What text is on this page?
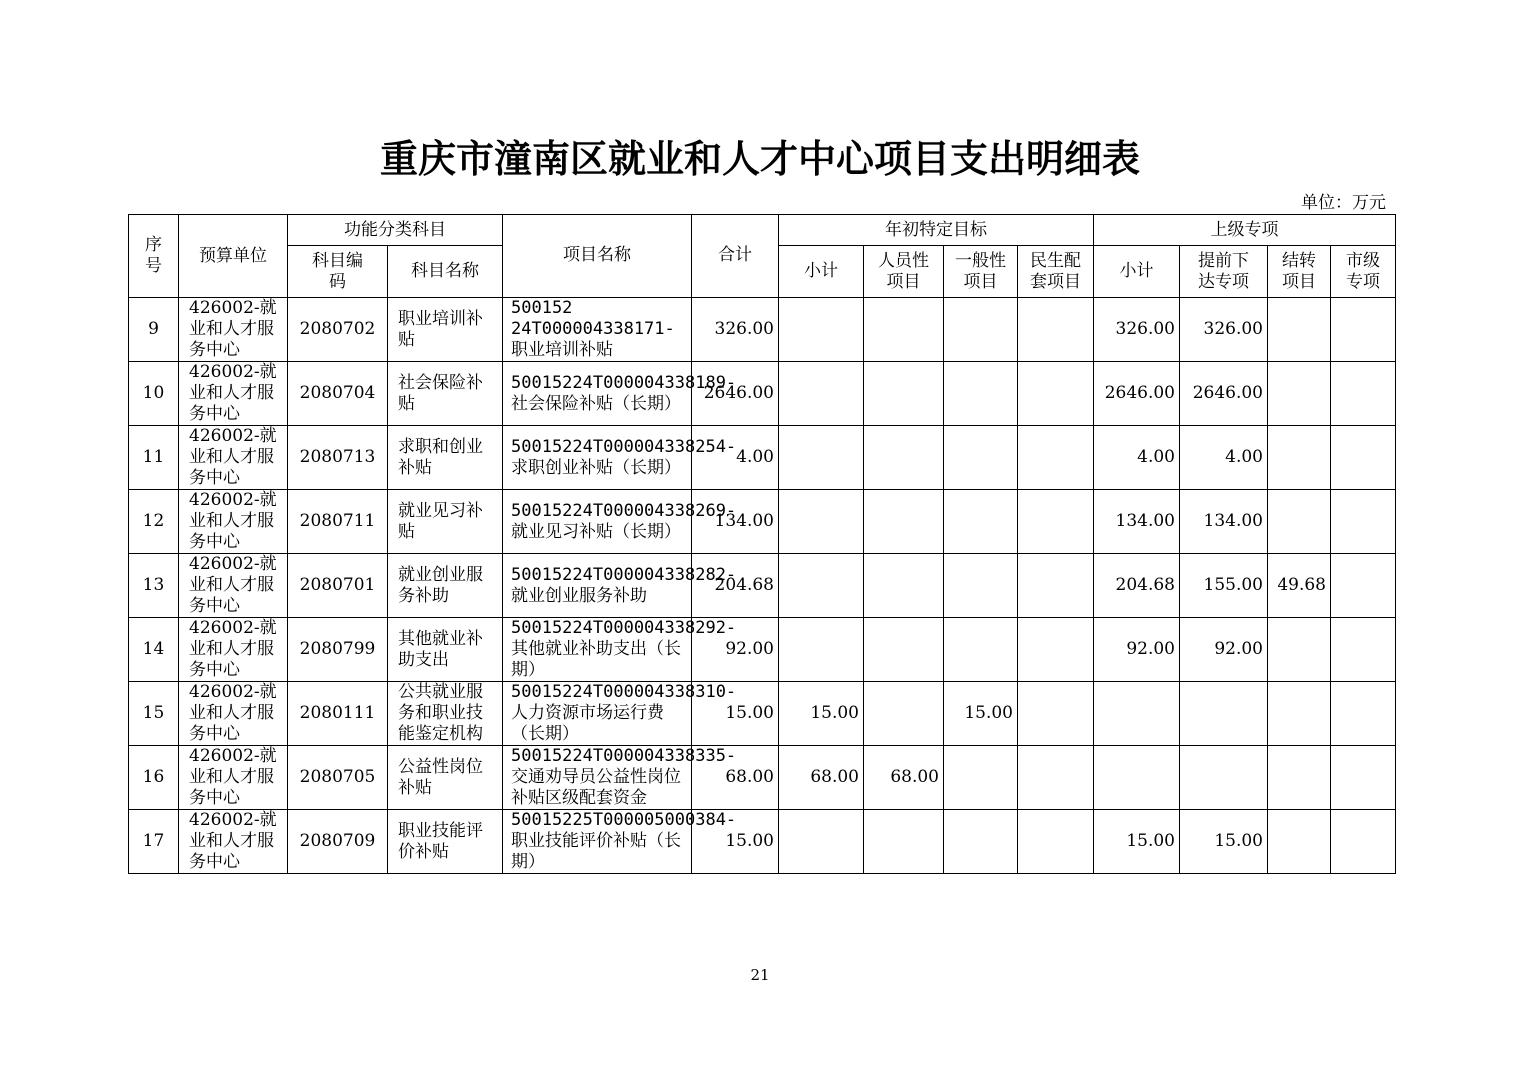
重庆市潼南区就业和人才中心项目支出明细表
单位：万元
序号	预算单位	功能分类科目		项目名称	合计	年初特定目标				上级专项			
		科目编码	科目名称			小计	人员性项目	一般性项目	民生配套项目	小计	提前下达专项	结转项目	市级专项
9	426002-就业和人才服务中心	2080702	职业培训补贴	500152 24T000004338171-职业培训补贴	326.00					326.00	326.00		
10	426002-就业和人才服务中心	2080704	社会保险补贴	50015224T000004338189-社会保险补贴（长期）	2646.00					2646.00	2646.00		
11	426002-就业和人才服务中心	2080713	求职和创业补贴	50015224T000004338254-求职创业补贴（长期）	4.00					4.00	4.00		
12	426002-就业和人才服务中心	2080711	就业见习补贴	50015224T000004338269-就业见习补贴（长期）	134.00					134.00	134.00		
13	426002-就业和人才服务中心	2080701	就业创业服务补助	50015224T000004338282-就业创业服务补助	204.68					204.68	155.00	49.68	
14	426002-就业和人才服务中心	2080799	其他就业补助支出	50015224T000004338292-其他就业补助支出（长期）	92.00					92.00	92.00		
15	426002-就业和人才服务中心	2080111	公共就业服务和职业技能鉴定机构	50015224T000004338310-人力资源市场运行费（长期）	15.00	15.00		15.00					
16	426002-就业和人才服务中心	2080705	公益性岗位补贴	50015224T000004338335-交通劝导员公益性岗位补贴区级配套资金	68.00	68.00	68.00						
17	426002-就业和人才服务中心	2080709	职业技能评价补贴	50015225T000005000384-职业技能评价补贴（长期）	15.00					15.00	15.00		
21
